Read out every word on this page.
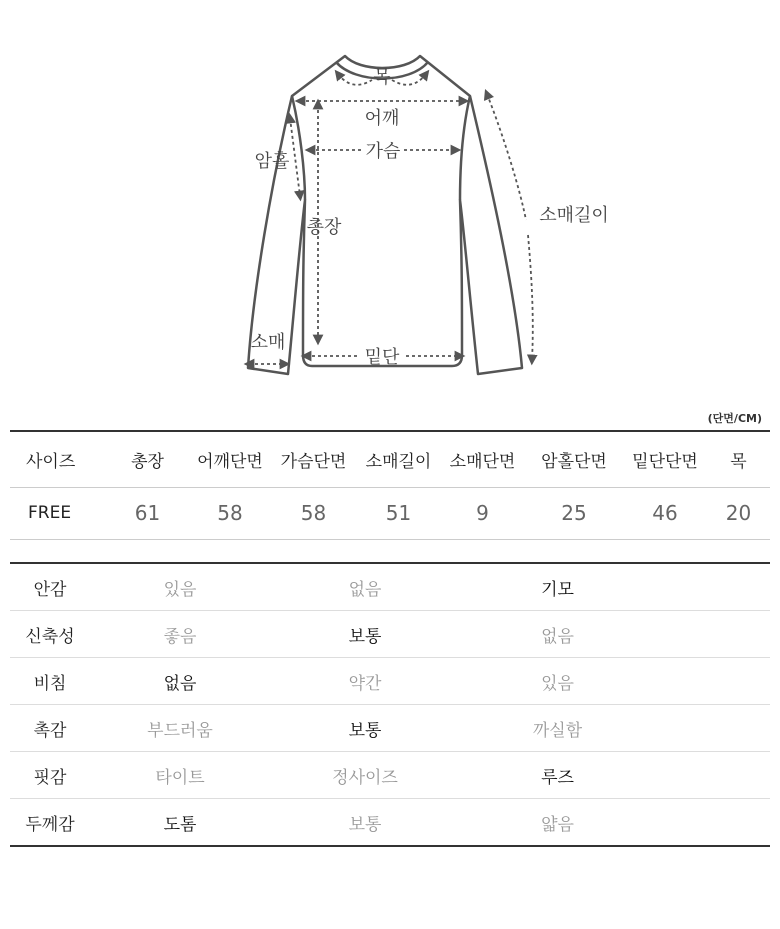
목
어깨
가슴
암홀
소매길이
총장
소매
밑단
(단면/CM)
사이즈	총장	어깨단면	가슴단면	소매길이	소매단면	암홀단면	밑단단면	목
FREE	61	58	58	51	9	25	46	20
안감	있음	없음	기모	
신축성	좋음	보통	없음	
비침	없음	약간	있음	
촉감	부드러움	보통	까실함	
핏감	타이트	정사이즈	루즈	
두께감	도톰	보통	얇음	
